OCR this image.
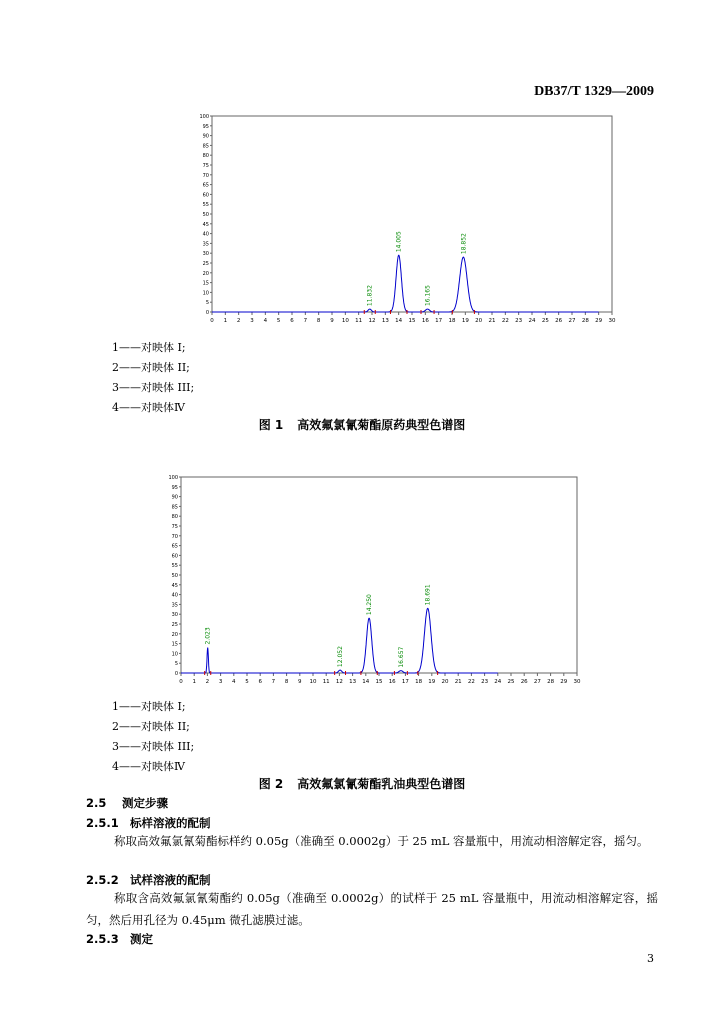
DB37/T 1329—2009
0
5
10
15
20
25
30
35
40
45
50
55
60
65
70
75
80
85
90
95
100
0 1 2 3 4 5 6 7 8 9 10 11 12 13 14 15 16 17 18 19 20 21 22 23 24 25 26 27 28 29 30
11.832
14.005
16.165
18.852
1——对映体 I;
2——对映体 II;
3——对映体 III;
4——对映体Ⅳ
图 1 高效氟氯氰菊酯原药典型色谱图
0
5
10
15
20
25
30
35
40
45
50
55
60
65
70
75
80
85
90
95
100
0 1 2 3 4 5 6 7 8 9 10 11 12 13 14 15 16 17 18 19 20 21 22 23 24 25 26 27 28 29 30
2.023
12.052
14.250
16.657
18.691
1——对映体 I;
2——对映体 II;
3——对映体 III;
4——对映体Ⅳ
图 2 高效氟氯氰菊酯乳油典型色谱图
2.5 测定步骤
2.5.1 标样溶液的配制
称取高效氟氯氰菊酯标样约 0.05g（准确至 0.0002g）于 25 mL 容量瓶中，用流动相溶解定容，摇匀。
2.5.2 试样溶液的配制
称取含高效氟氯氰菊酯约 0.05g（准确至 0.0002g）的试样于 25 mL 容量瓶中，用流动相溶解定容，摇匀，然后用孔径为 0.45μm 微孔滤膜过滤。
2.5.3 测定
3
